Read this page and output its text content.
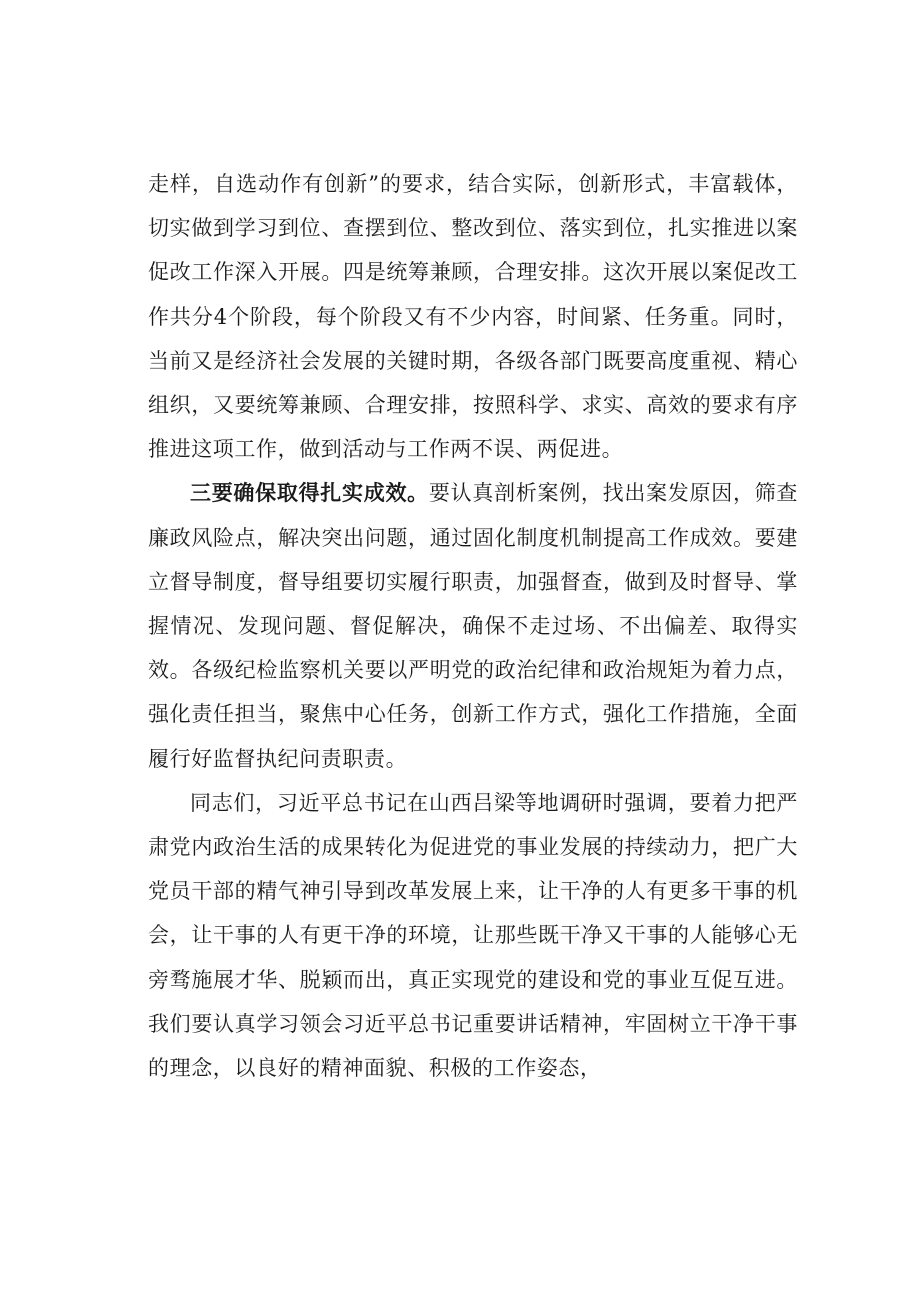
走样，自选动作有创新”的要求，结合实际，创新形式，丰富载体，切实做到学习到位、查摆到位、整改到位、落实到位，扎实推进以案促改工作深入开展。四是统筹兼顾，合理安排。这次开展以案促改工作共分4个阶段，每个阶段又有不少内容，时间紧、任务重。同时，当前又是经济社会发展的关键时期，各级各部门既要高度重视、精心组织，又要统筹兼顾、合理安排，按照科学、求实、高效的要求有序推进这项工作，做到活动与工作两不误、两促进。

三要确保取得扎实成效。要认真剖析案例，找出案发原因，筛查廉政风险点，解决突出问题，通过固化制度机制提高工作成效。要建立督导制度，督导组要切实履行职责，加强督查，做到及时督导、掌握情况、发现问题、督促解决，确保不走过场、不出偏差、取得实效。各级纪检监察机关要以严明党的政治纪律和政治规矩为着力点，强化责任担当，聚焦中心任务，创新工作方式，强化工作措施，全面履行好监督执纪问责职责。

同志们，习近平总书记在山西吕梁等地调研时强调，要着力把严肃党内政治生活的成果转化为促进党的事业发展的持续动力，把广大党员干部的精气神引导到改革发展上来，让干净的人有更多干事的机会，让干事的人有更干净的环境，让那些既干净又干事的人能够心无旁骛施展才华、脱颖而出，真正实现党的建设和党的事业互促互进。我们要认真学习领会习近平总书记重要讲话精神，牢固树立干净干事的理念，以良好的精神面貌、积极的工作姿态，
